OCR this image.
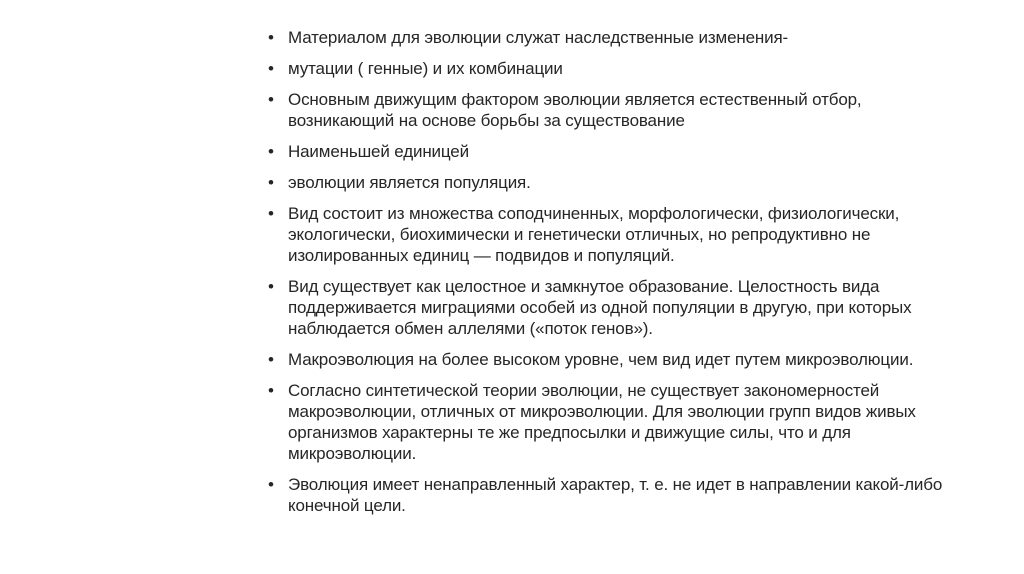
• Материалом для эволюции служат наследственные изменения-
• мутации ( генные) и их комбинации
• Основным движущим фактором эволюции является естественный отбор, возникающий на основе борьбы за существование
• Наименьшей единицей
• эволюции является популяция.
• Вид состоит из множества соподчиненных, морфологически, физиологически, экологически, биохимически и генетически отличных, но репродуктивно не изолированных единиц — подвидов и популяций.
• Вид существует как целостное и замкнутое образование. Целостность вида поддерживается миграциями особей из одной популяции в другую, при которых наблюдается обмен аллелями («поток генов»).
• Макроэволюция на более высоком уровне, чем вид идет путем микроэволюции.
• Согласно синтетической теории эволюции, не существует закономерностей макроэволюции, отличных от микроэволюции. Для эволюции групп видов живых организмов характерны те же предпосылки и движущие силы, что и для микроэволюции.
• Эволюция имеет ненаправленный характер, т. е. не идет в направлении какой-либо конечной цели.
